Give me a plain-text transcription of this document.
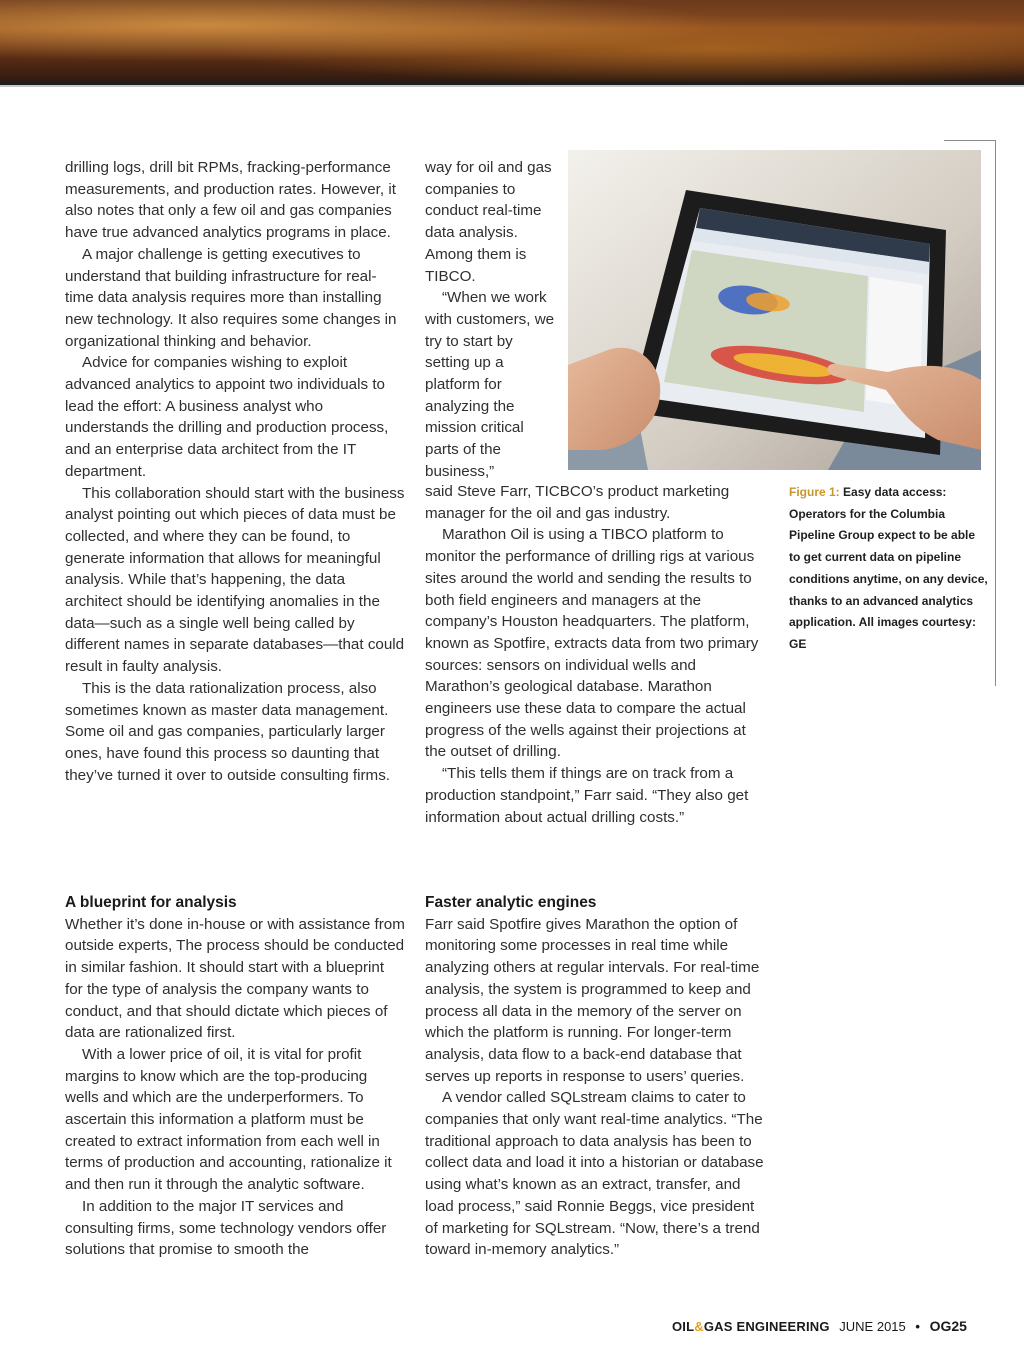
drilling logs, drill bit RPMs, fracking-performance measurements, and production rates. However, it also notes that only a few oil and gas companies have true advanced analytics programs in place.

A major challenge is getting executives to understand that building infrastructure for real-time data analysis requires more than installing new technology. It also requires some changes in organizational thinking and behavior.

Advice for companies wishing to exploit advanced analytics to appoint two individuals to lead the effort: A business analyst who understands the drilling and production process, and an enterprise data architect from the IT department.

This collaboration should start with the business analyst pointing out which pieces of data must be collected, and where they can be found, to generate information that allows for meaningful analysis. While that’s happening, the data architect should be identifying anomalies in the data—such as a single well being called by different names in separate databases—that could result in faulty analysis.

This is the data rationalization process, also sometimes known as master data management. Some oil and gas companies, particularly larger ones, have found this process so daunting that they’ve turned it over to outside consulting firms.

way for oil and gas companies to conduct real-time data analysis. Among them is TIBCO.

“When we work with customers, we try to start by setting up a platform for analyzing the mission critical parts of the business,”

said Steve Farr, TICBCO’s product marketing manager for the oil and gas industry.

Marathon Oil is using a TIBCO platform to monitor the performance of drilling rigs at various sites around the world and sending the results to both field engineers and managers at the company’s Houston headquarters. The platform, known as Spotfire, extracts data from two primary sources: sensors on individual wells and Marathon’s geological database. Marathon engineers use these data to compare the actual progress of the wells against their projections at the outset of drilling.

“This tells them if things are on track from a production standpoint,” Farr said. “They also get information about actual drilling costs.”

Figure 1: Easy data access: Operators for the Columbia Pipeline Group expect to be able to get current data on pipeline conditions anytime, on any device, thanks to an advanced analytics application. All images courtesy: GE
A blueprint for analysis

Whether it’s done in-house or with assistance from outside experts, The process should be conducted in similar fashion. It should start with a blueprint for the type of analysis the company wants to conduct, and that should dictate which pieces of data are rationalized first.

With a lower price of oil, it is vital for profit margins to know which are the top-producing wells and which are the underperformers. To ascertain this information a platform must be created to extract information from each well in terms of production and accounting, rationalize it and then run it through the analytic software.

In addition to the major IT services and consulting firms, some technology vendors offer solutions that promise to smooth the

Faster analytic engines

Farr said Spotfire gives Marathon the option of monitoring some processes in real time while analyzing others at regular intervals. For real-time analysis, the system is programmed to keep and process all data in the memory of the server on which the platform is running. For longer-term analysis, data flow to a back-end database that serves up reports in response to users’ queries.

A vendor called SQLstream claims to cater to companies that only want real-time analytics. “The traditional approach to data analysis has been to collect data and load it into a historian or database using what’s known as an extract, transfer, and load process,” said Ronnie Beggs, vice president of marketing for SQLstream. “Now, there’s a trend toward in-memory analytics.”

OIL&GAS ENGINEERING JUNE 2015 • OG25
